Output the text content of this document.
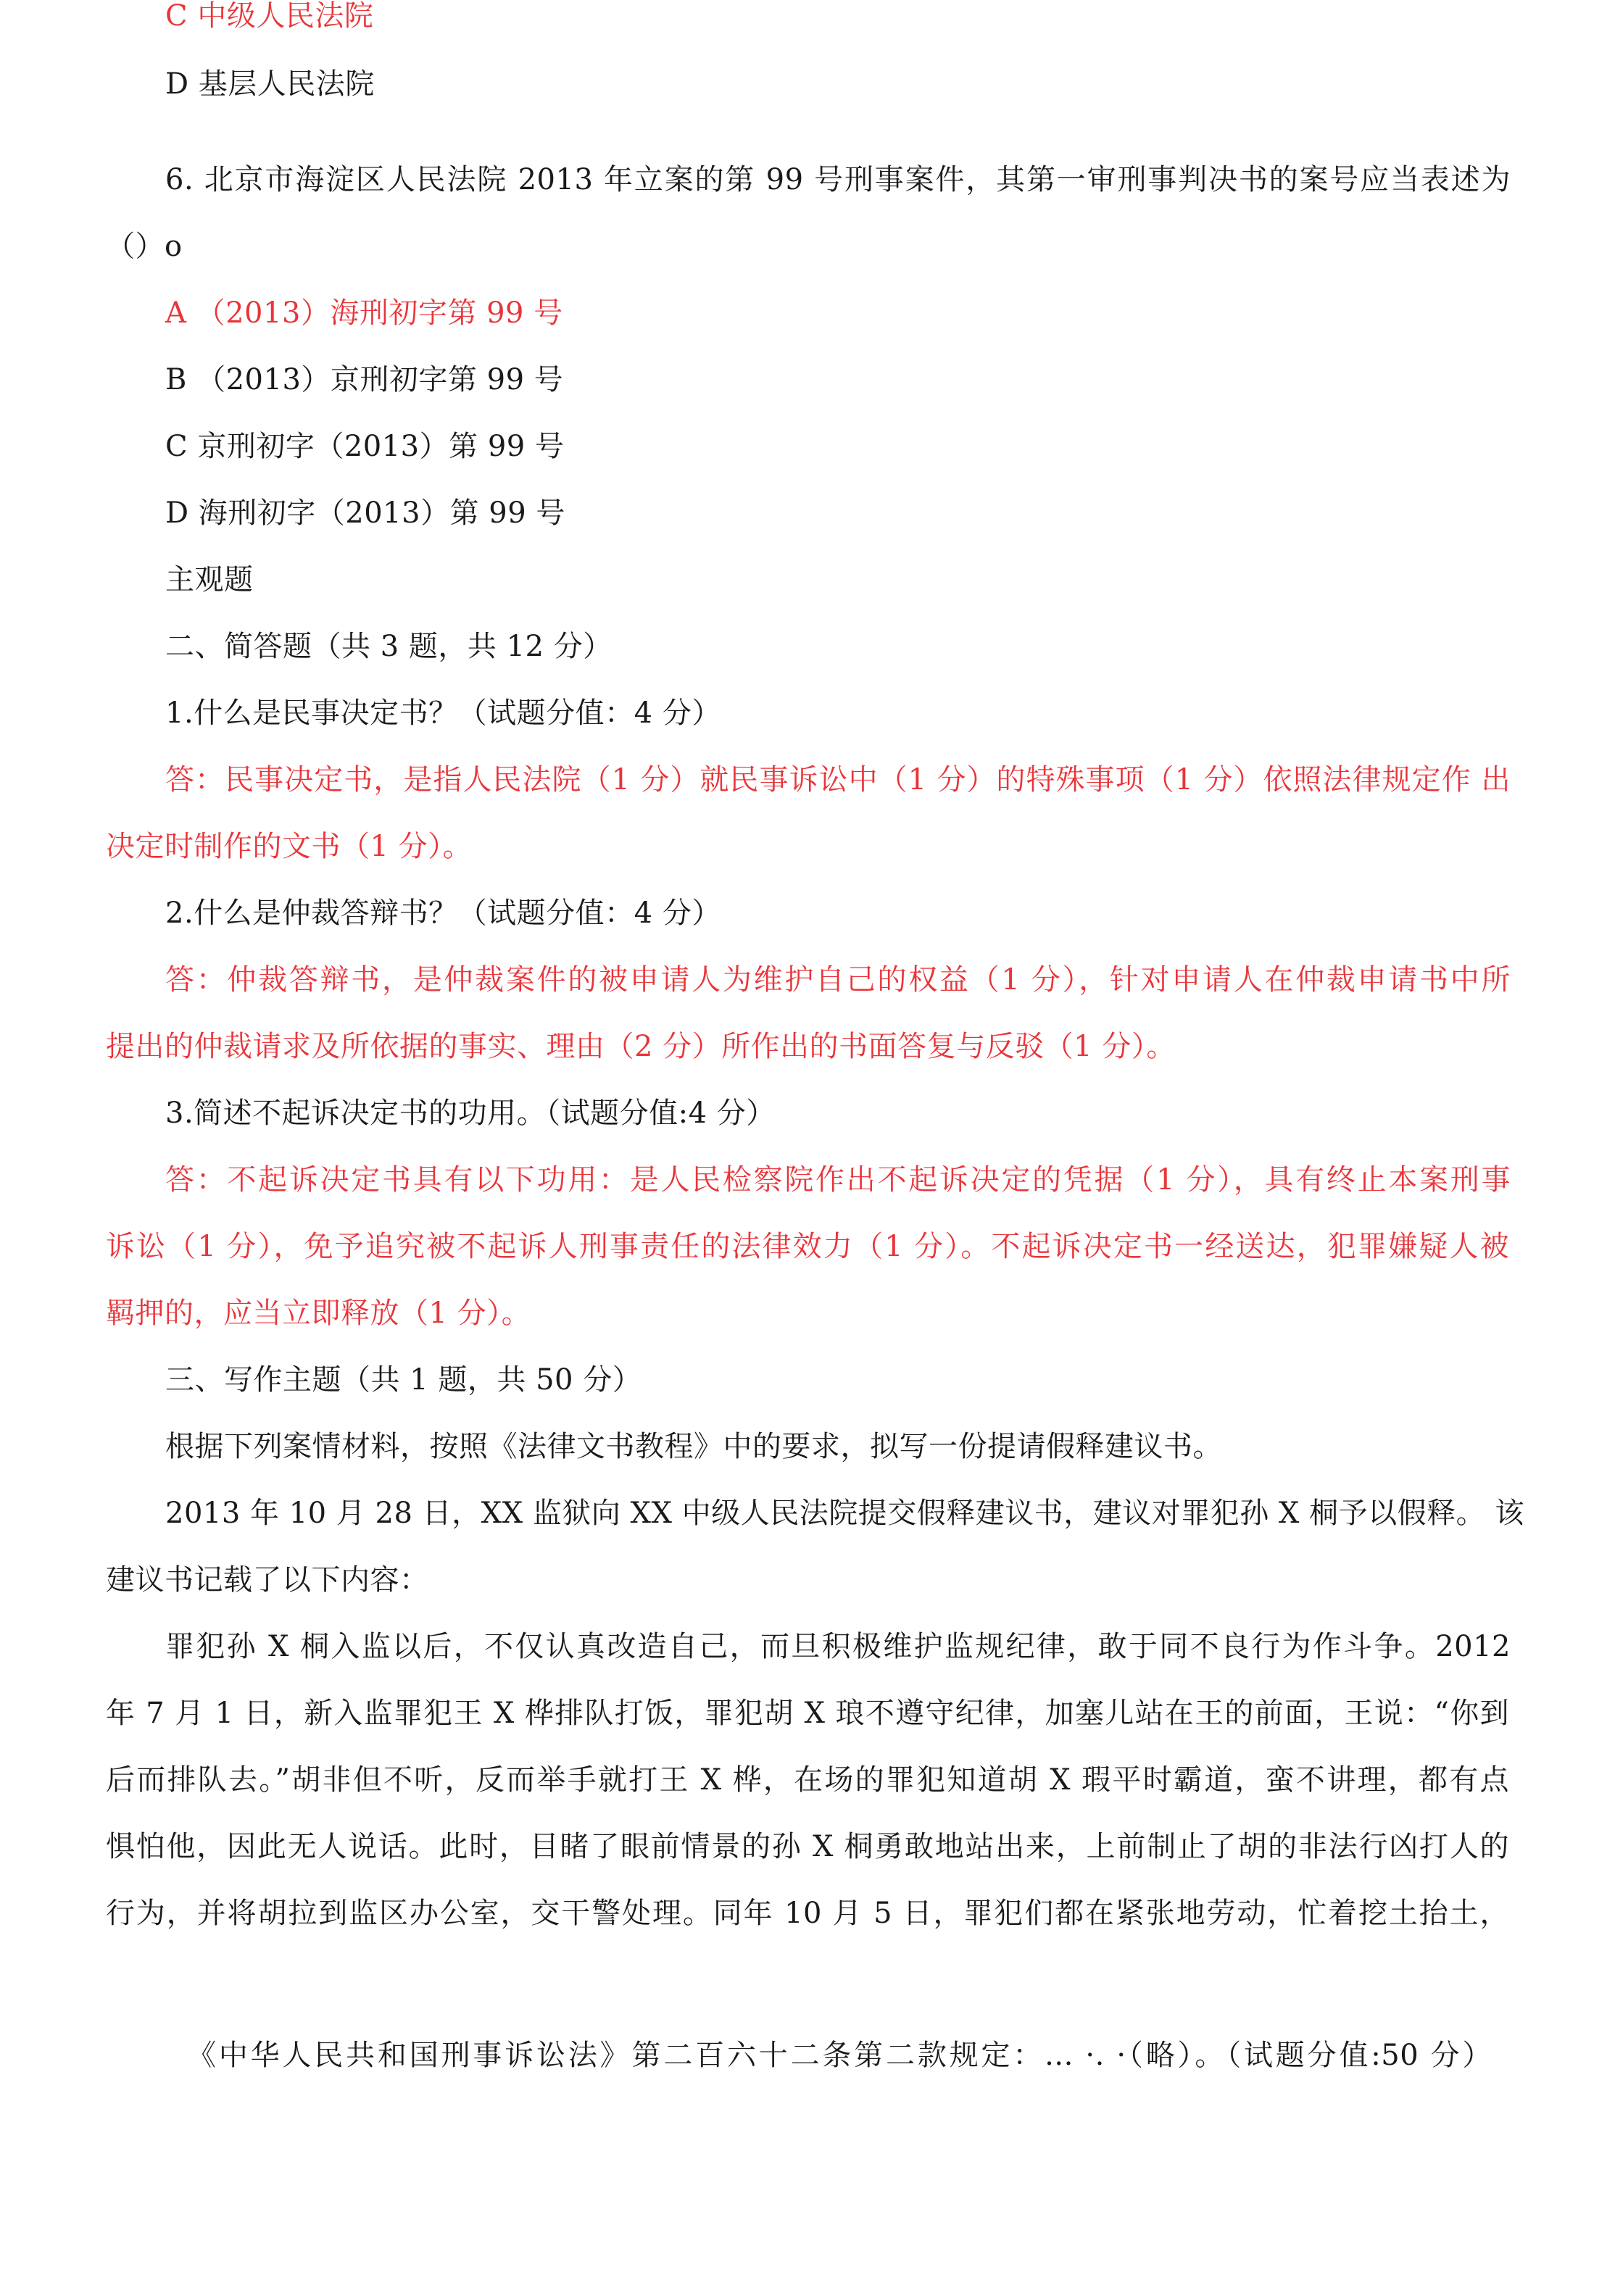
C 中级人民法院
D 基层人民法院
6. 北京市海淀区人民法院 2013 年立案的第 99 号刑事案件，其第一审刑事判决书的案号应当表述为
（）o
A （2013）海刑初字第 99 号
B （2013）京刑初字第 99 号
C 京刑初字（2013）第 99 号
D 海刑初字（2013）第 99 号
主观题
二、简答题（共 3 题，共 12 分）
1.什么是民事决定书？（试题分值：4 分）
答：民事决定书，是指人民法院（1 分）就民事诉讼中（1 分）的特殊事项（1 分）依照法律规定作 出
决定时制作的文书（1 分）。
2.什么是仲裁答辩书？（试题分值：4 分）
答：仲裁答辩书，是仲裁案件的被申请人为维护自己的权益（1 分），针对申请人在仲裁申请书中所
提出的仲裁请求及所依据的事实、理由（2 分）所作出的书面答复与反驳（1 分）。
3.简述不起诉决定书的功用。（试题分值:4 分）
答：不起诉决定书具有以下功用：是人民检察院作出不起诉决定的凭据（1 分），具有终止本案刑事
诉讼（1 分），免予追究被不起诉人刑事责任的法律效力（1 分）。不起诉决定书一经送达，犯罪嫌疑人被
羁押的，应当立即释放（1 分）。
三、写作主题（共 1 题，共 50 分）
根据下列案情材料，按照《法律文书教程》中的要求，拟写一份提请假释建议书。
2013 年 10 月 28 日，XX 监狱向 XX 中级人民法院提交假释建议书，建议对罪犯孙 X 桐予以假释。 该
建议书记载了以下内容：
罪犯孙 X 桐入监以后，不仅认真改造自己，而旦积极维护监规纪律，敢于同不良行为作斗争。2012
年 7 月 1 日，新入监罪犯王 X 桦排队打饭，罪犯胡 X 琅不遵守纪律，加塞儿站在王的前面，王说：“你到
后而排队去。”胡非但不听，反而举手就打王 X 桦，在场的罪犯知道胡 X 瑕平时霸道，蛮不讲理，都有点
惧怕他，因此无人说话。此时，目睹了眼前情景的孙 X 桐勇敢地站出来，上前制止了胡的非法行凶打人的
行为，并将胡拉到监区办公室，交干警处理。同年 10 月 5 日，罪犯们都在紧张地劳动，忙着挖土抬土，
《中华人民共和国刑事诉讼法》第二百六十二条第二款规定：... ·. ·（略）。（试题分值:50 分）
